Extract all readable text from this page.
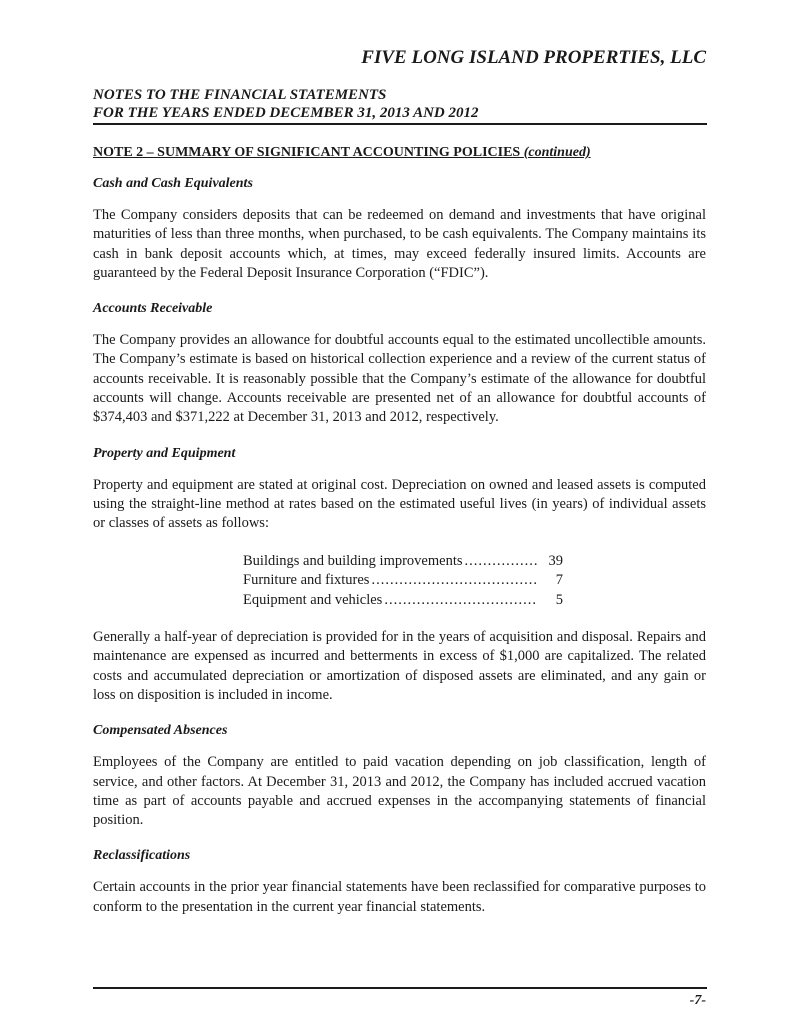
FIVE LONG ISLAND PROPERTIES, LLC
NOTES TO THE FINANCIAL STATEMENTS
FOR THE YEARS ENDED DECEMBER 31, 2013 AND 2012
NOTE 2 – SUMMARY OF SIGNIFICANT ACCOUNTING POLICIES (continued)
Cash and Cash Equivalents

The Company considers deposits that can be redeemed on demand and investments that have original maturities of less than three months, when purchased, to be cash equivalents. The Company maintains its cash in bank deposit accounts which, at times, may exceed federally insured limits. Accounts are guaranteed by the Federal Deposit Insurance Corporation (“FDIC”).

Accounts Receivable

The Company provides an allowance for doubtful accounts equal to the estimated uncollectible amounts. The Company’s estimate is based on historical collection experience and a review of the current status of accounts receivable. It is reasonably possible that the Company’s estimate of the allowance for doubtful accounts will change. Accounts receivable are presented net of an allowance for doubtful accounts of $374,403 and $371,222 at December 31, 2013 and 2012, respectively.

Property and Equipment

Property and equipment are stated at original cost. Depreciation on owned and leased assets is computed using the straight-line method at rates based on the estimated useful lives (in years) of individual assets or classes of assets as follows:

Buildings and building improvements .....	39
Furniture and fixtures .....	7
Equipment and vehicles .....	5

Generally a half-year of depreciation is provided for in the years of acquisition and disposal. Repairs and maintenance are expensed as incurred and betterments in excess of $1,000 are capitalized. The related costs and accumulated depreciation or amortization of disposed assets are eliminated, and any gain or loss on disposition is included in income.

Compensated Absences

Employees of the Company are entitled to paid vacation depending on job classification, length of service, and other factors. At December 31, 2013 and 2012, the Company has included accrued vacation time as part of accounts payable and accrued expenses in the accompanying statements of financial position.

Reclassifications

Certain accounts in the prior year financial statements have been reclassified for comparative purposes to conform to the presentation in the current year financial statements.

-7-
